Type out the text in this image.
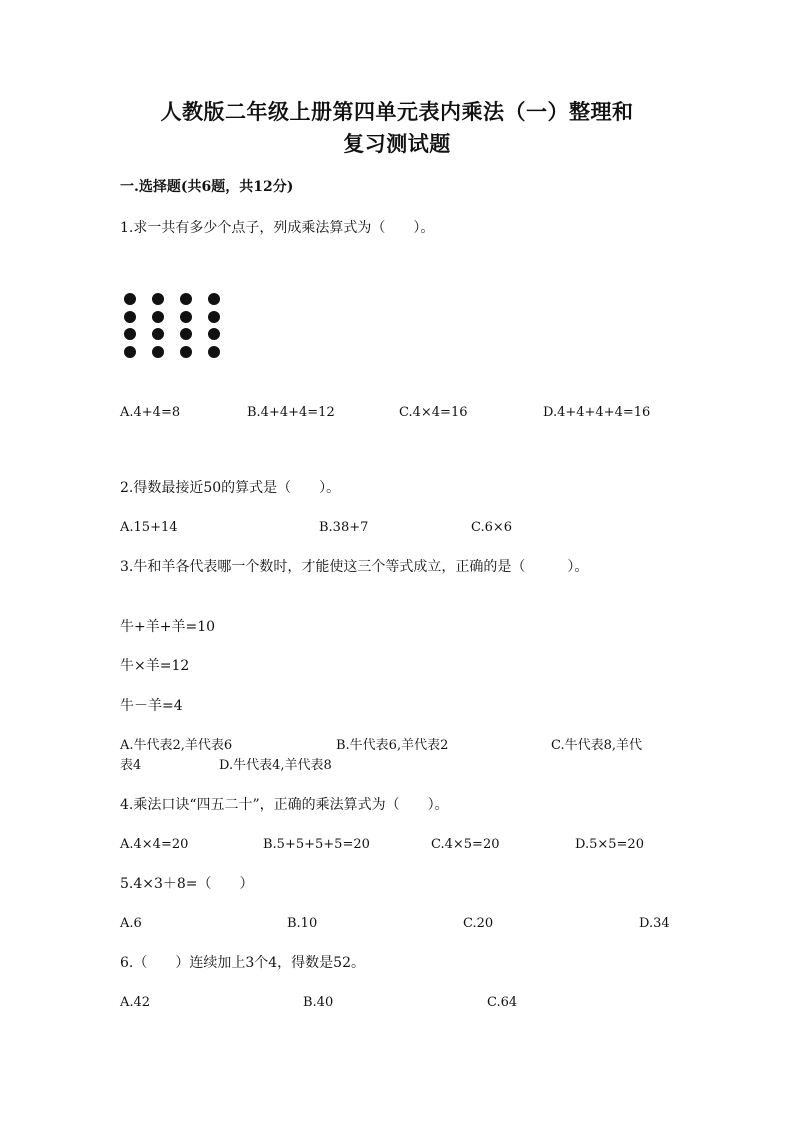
人教版二年级上册第四单元表内乘法（一）整理和
复习测试题
一.选择题(共6题，共12分)
1.求一共有多少个点子，列成乘法算式为（　　）。
A.4+4=8	B.4+4+4=12	C.4×4=16	D.4+4+4+4=16
2.得数最接近50的算式是（　　）。
A.15+14	B.38+7	C.6×6
3.牛和羊各代表哪一个数时，才能使这三个等式成立，正确的是（　　　）。
牛+羊+羊=10
牛×羊=12
牛－羊=4
A.牛代表2,羊代表6	B.牛代表6,羊代表2	C.牛代表8,羊代
表4	D.牛代表4,羊代表8
4.乘法口诀“四五二十”，正确的乘法算式为（　　）。
A.4×4=20	B.5+5+5+5=20	C.4×5=20	D.5×5=20
5.4×3＋8=（　　）
A.6	B.10	C.20	D.34
6.（　　）连续加上3个4，得数是52。
A.42	B.40	C.64
